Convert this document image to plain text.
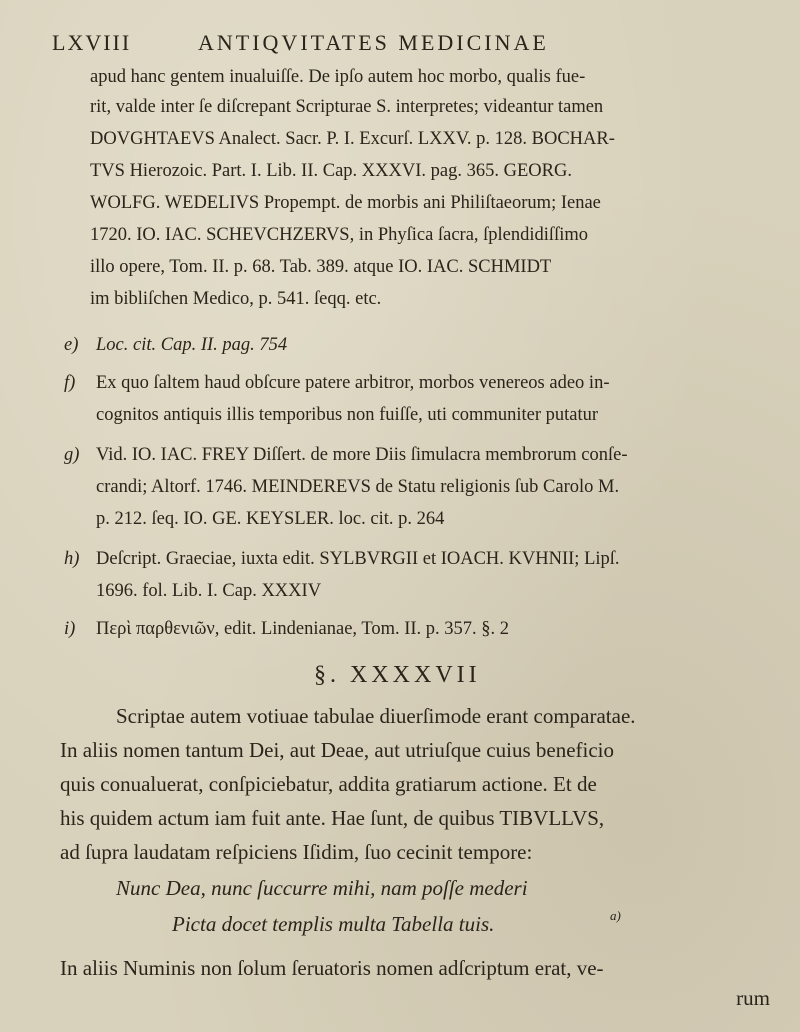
LXVIII	ANTIQVITATES MEDICINAE
apud hanc gentem inualuiſſe. De ipſo autem hoc morbo, qualis fue-
rit, valde inter ſe diſcrepant Scripturae S. interpretes; videantur tamen
DOVGHTAEVS Analect. Sacr. P. I. Excurſ. LXXV. p. 128. BOCHAR-
TVS Hierozoic. Part. I. Lib. II. Cap. XXXVI. pag. 365. GEORG.
WOLFG. WEDELIVS Propempt. de morbis ani Philiſtaeorum; Ienae
1720. IO. IAC. SCHEVCHZERVS, in Phyſica ſacra, ſplendidiſſimo
illo opere, Tom. II. p. 68. Tab. 389. atque IO. IAC. SCHMIDT
im bibliſchen Medico, p. 541. ſeqq. etc.
e) Loc. cit. Cap. II. pag. 754
f) Ex quo ſaltem haud obſcure patere arbitror, morbos venereos adeo in-
cognitos antiquis illis temporibus non fuiſſe, uti communiter putatur
g) Vid. IO. IAC. FREY Diſſert. de more Diis ſimulacra membrorum conſe-
crandi; Altorf. 1746. MEINDEREVS de Statu religionis ſub Carolo M.
p. 212. ſeq. IO. GE. KEYSLER. loc. cit. p. 264
h) Deſcript. Graeciae, iuxta edit. SYLBVRGII et IOACH. KVHNII; Lipſ.
1696. fol. Lib. I. Cap. XXXIV
i) Περὶ παρθενιῶν, edit. Lindenianae, Tom. II. p. 357. §. 2
§. XXXXVII
Scriptae autem votiuae tabulae diuerſimode erant comparatae.
In aliis nomen tantum Dei, aut Deae, aut utriuſque cuius beneficio
quis conualuerat, conſpiciebatur, addita gratiarum actione. Et de
his quidem actum iam fuit ante. Hae ſunt, de quibus TIBVLLVS,
ad ſupra laudatam reſpiciens Iſidim, ſuo cecinit tempore:
Nunc Dea, nunc ſuccurre mihi, nam poſſe mederi
Picta docet templis multa Tabella tuis.	a)
In aliis Numinis non ſolum ſeruatoris nomen adſcriptum erat, ve-
rum
